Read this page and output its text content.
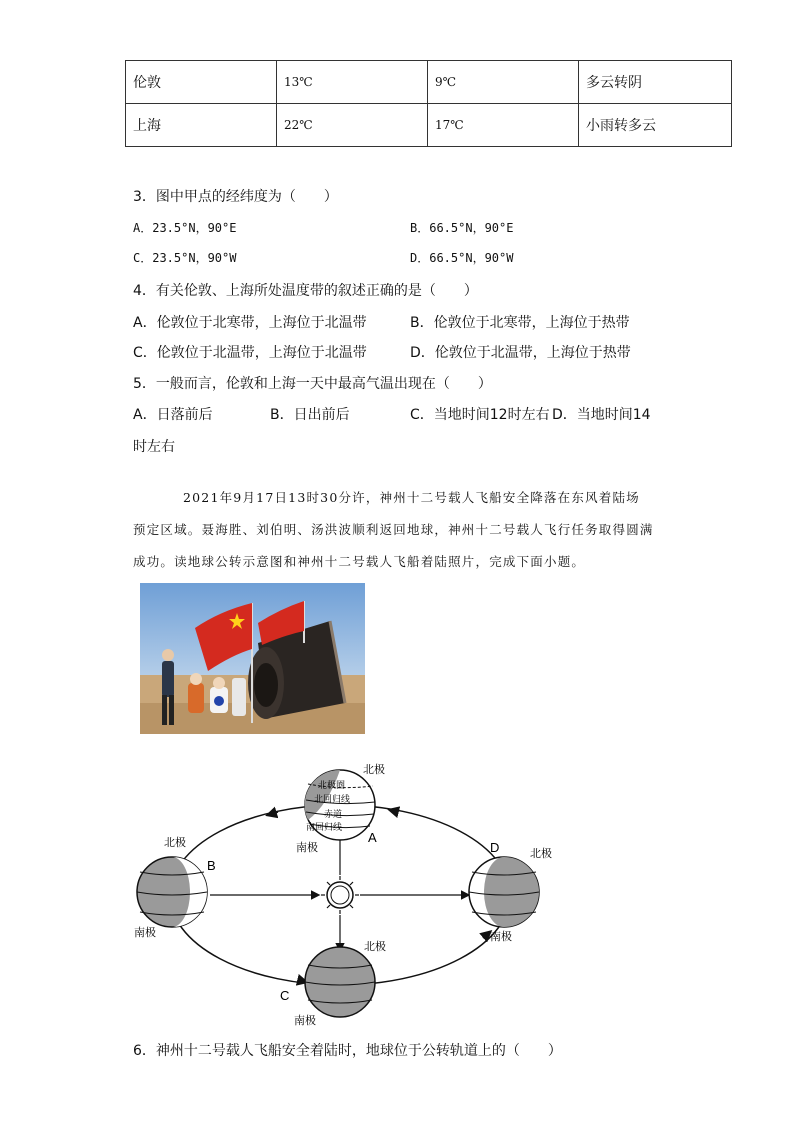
伦敦	13℃	9℃	多云转阴
上海	22℃	17℃	小雨转多云
3．图中甲点的经纬度为（　　）
A．23.5°N，90°E	B．66.5°N，90°E
C．23.5°N，90°W	D．66.5°N，90°W
4．有关伦敦、上海所处温度带的叙述正确的是（　　）
A．伦敦位于北寒带，上海位于北温带	B．伦敦位于北寒带，上海位于热带
C．伦敦位于北温带，上海位于北温带	D．伦敦位于北温带，上海位于热带
5．一般而言，伦敦和上海一天中最高气温出现在（　　）
A．日落前后	B．日出前后	C．当地时间12时左右 D．当地时间14
时左右

2021年9月17日13时30分许，神州十二号载人飞船安全降落在东风着陆场

预定区域。聂海胜、刘伯明、汤洪波顺利返回地球，神州十二号载人飞行任务取得圆满

成功。读地球公转示意图和神州十二号载人飞船着陆照片，完成下面小题。

北极圈
北回归线
赤道
南回归线
北极
南极
A
北极
南极
B
北极
南极
C
北极
南极
D
6．神州十二号载人飞船安全着陆时，地球位于公转轨道上的（　　）
